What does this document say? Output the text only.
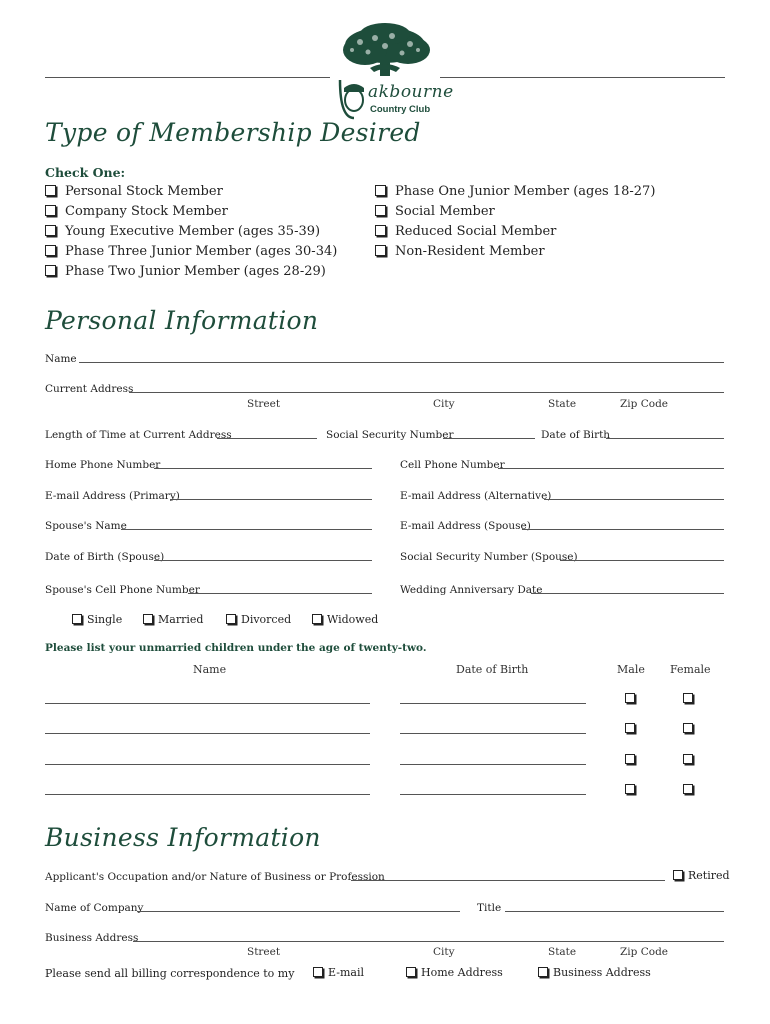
akbourne
Country Club
Type of Membership Desired
Check One:
Personal Stock Member
Company Stock Member
Young Executive Member (ages 35-39)
Phase Three Junior Member (ages 30-34)
Phase Two Junior Member (ages 28-29)
Phase One Junior Member (ages 18-27)
Social Member
Reduced Social Member
Non-Resident Member
Personal Information
Name
Current Address
Street	City	State	Zip Code
Length of Time at Current Address	Social Security Number	Date of Birth
Home Phone Number	Cell Phone Number
E-mail Address (Primary)	E-mail Address (Alternative)
Spouse's Name	E-mail Address (Spouse)
Date of Birth (Spouse)	Social Security Number (Spouse)
Spouse's Cell Phone Number	Wedding Anniversary Date
Single	Married	Divorced	Widowed
Please list your unmarried children under the age of twenty-two.
Name	Date of Birth	Male Female
Business Information
Applicant's Occupation and/or Nature of Business or Profession	Retired
Name of Company	Title
Business Address
Street	City	State	Zip Code
Please send all billing correspondence to my	E-mail	Home Address	Business Address
